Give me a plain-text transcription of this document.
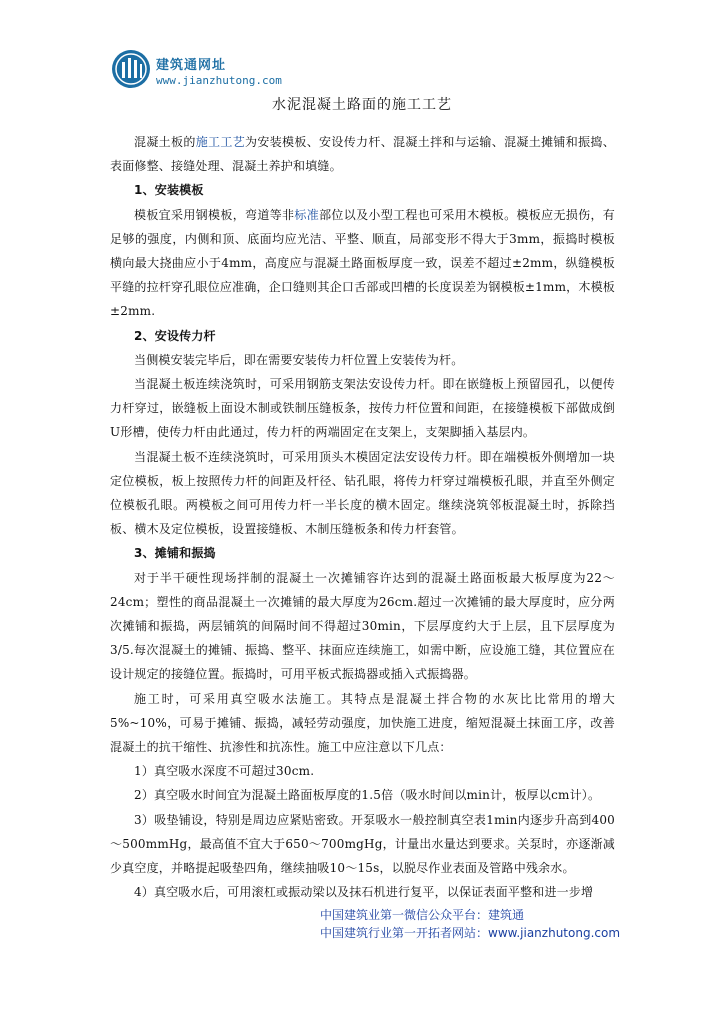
建筑通网址
www.jianzhutong.com
水泥混凝土路面的施工工艺

混凝土板的施工工艺为安装模板、安设传力杆、混凝土拌和与运输、混凝土摊铺和振捣、表面修整、接缝处理、混凝土养护和填缝。

1、安装模板

模板宜采用钢模板，弯道等非标准部位以及小型工程也可采用木模板。模板应无损伤，有足够的强度，内侧和顶、底面均应光洁、平整、顺直，局部变形不得大于3mm，振捣时模板横向最大挠曲应小于4mm，高度应与混凝土路面板厚度一致，误差不超过±2mm，纵缝模板平缝的拉杆穿孔眼位应准确，企口缝则其企口舌部或凹槽的长度误差为钢模板±1mm，木模板±2mm.

2、安设传力杆

当侧模安装完毕后，即在需要安装传力杆位置上安装传为杆。

当混凝土板连续浇筑时，可采用钢筋支架法安设传力杆。即在嵌缝板上预留园孔，以便传力杆穿过，嵌缝板上面设木制或铁制压缝板条，按传力杆位置和间距，在接缝模板下部做成倒U形槽，使传力杆由此通过，传力杆的两端固定在支架上，支架脚插入基层内。

当混凝土板不连续浇筑时，可采用顶头木模固定法安设传力杆。即在端模板外侧增加一块定位模板，板上按照传力杆的间距及杆径、钻孔眼，将传力杆穿过端模板孔眼，并直至外侧定位模板孔眼。两模板之间可用传力杆一半长度的横木固定。继续浇筑邻板混凝土时，拆除挡板、横木及定位模板，设置接缝板、木制压缝板条和传力杆套管。

3、摊铺和振捣

对于半干硬性现场拌制的混凝土一次摊铺容许达到的混凝土路面板最大板厚度为22～24cm；塑性的商品混凝土一次摊铺的最大厚度为26cm.超过一次摊铺的最大厚度时，应分两次摊铺和振捣，两层铺筑的间隔时间不得超过30min，下层厚度约大于上层，且下层厚度为3/5.每次混凝土的摊铺、振捣、整平、抹面应连续施工，如需中断，应设施工缝，其位置应在设计规定的接缝位置。振捣时，可用平板式振捣器或插入式振捣器。

施工时，可采用真空吸水法施工。其特点是混凝土拌合物的水灰比比常用的增大5%~10%，可易于摊铺、振捣，减轻劳动强度，加快施工进度，缩短混凝土抹面工序，改善混凝土的抗干缩性、抗渗性和抗冻性。施工中应注意以下几点：

1）真空吸水深度不可超过30cm.

2）真空吸水时间宜为混凝土路面板厚度的1.5倍（吸水时间以min计，板厚以cm计）。

3）吸垫铺设，特别是周边应紧贴密致。开泵吸水一般控制真空表1min内逐步升高到400～500mmHg，最高值不宜大于650～700mgHg，计量出水量达到要求。关泵时，亦逐渐减少真空度，并略提起吸垫四角，继续抽吸10～15s，以脱尽作业表面及管路中残余水。

4）真空吸水后，可用滚杠或振动梁以及抹石机进行复平，以保证表面平整和进一步增

中国建筑业第一微信公众平台：建筑通
中国建筑行业第一开拓者网站：www.jianzhutong.com
